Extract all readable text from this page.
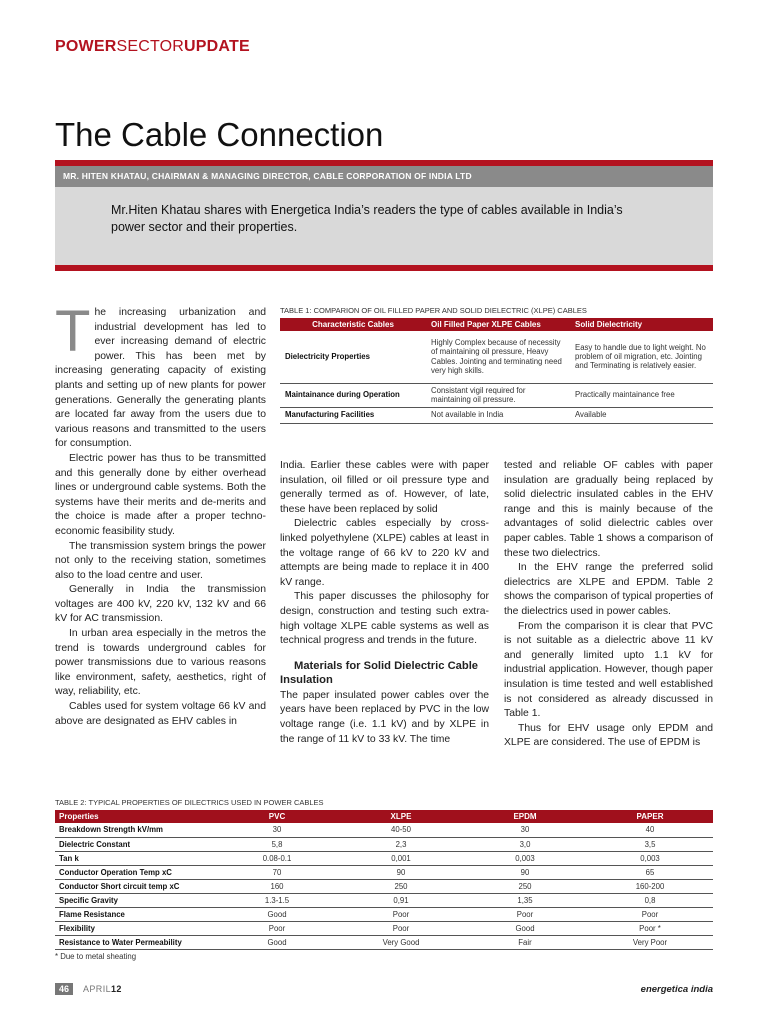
POWERSECTORUPDATE
The Cable Connection
MR. HITEN KHATAU, CHAIRMAN & MANAGING DIRECTOR, CABLE CORPORATION OF INDIA LTD
Mr.Hiten Khatau shares with Energetica India’s readers the type of cables available in India’s power sector and their properties.

The increasing urbanization and industrial development has led to ever increasing demand of electric power. This has been met by increasing generating capacity of existing plants and setting up of new plants for power generations. Generally the generating plants are located far away from the users due to various reasons and transmitted to the users for consumption.

Electric power has thus to be transmitted and this generally done by either overhead lines or underground cable systems. Both the systems have their merits and de-merits and the choice is made after a proper techno-economic feasibility study.

The transmission system brings the power not only to the receiving station, sometimes also to the load centre and user.

Generally in India the transmission voltages are 400 kV, 220 kV, 132 kV and 66 kV for AC transmission.

In urban area especially in the metros the trend is towards underground cables for power transmissions due to various reasons like environment, safety, aesthetics, right of way, reliability, etc.

Cables used for system voltage 66 kV and above are designated as EHV cables in

TABLE 1: COMPARION OF OIL FILLED PAPER AND SOLID DIELECTRIC (XLPE) CABLES
Characteristic Cables	Oil Filled Paper XLPE Cables	Solid Dielectricity
Dielectricity Properties	Highly Complex because of necessity of maintaining oil pressure, Heavy Cables. Jointing and terminating need very high skills.	Easy to handle due to light weight. No problem of oil migration, etc. Jointing and Terminating is relatively easier.
Maintainance during Operation	Consistant vigil required for maintaining oil pressure.	Practically maintainance free
Manufacturing Facilities	Not available in India	Available

India. Earlier these cables were with paper insulation, oil filled or oil pressure type and generally termed as of. However, of late, these have been replaced by solid

Dielectric cables especially by cross-linked polyethylene (XLPE) cables at least in the voltage range of 66 kV to 220 kV and attempts are being made to replace it in 400 kV range.

This paper discusses the philosophy for design, construction and testing such extra-high voltage XLPE cable systems as well as technical progress and trends in the future.

Materials for Solid Dielectric Cable Insulation

The paper insulated power cables over the years have been replaced by PVC in the low voltage range (i.e. 1.1 kV) and by XLPE in the range of 11 kV to 33 kV. The time

tested and reliable OF cables with paper insulation are gradually being replaced by solid dielectric insulated cables in the EHV range and this is mainly because of the advantages of solid dielectric cables over paper cables. Table 1 shows a comparison of these two dielectrics.

In the EHV range the preferred solid dielectrics are XLPE and EPDM. Table 2 shows the comparison of typical properties of the dielectrics used in power cables.

From the comparison it is clear that PVC is not suitable as a dielectric above 11 kV and generally limited upto 1.1 kV for industrial application. However, though paper insulation is time tested and well established is not considered as already discussed in Table 1.

Thus for EHV usage only EPDM and XLPE are considered. The use of EPDM is

TABLE 2: TYPICAL PROPERTIES OF DILECTRICS USED IN POWER CABLES
Properties	PVC	XLPE	EPDM	PAPER
Breakdown Strength kV/mm	30	40-50	30	40
Dielectric Constant	5,8	2,3	3,0	3,5
Tan k	0.08-0.1	0,001	0,003	0,003
Conductor Operation Temp xC	70	90	90	65
Conductor Short circuit temp xC	160	250	250	160-200
Specific Gravity	1.3-1.5	0,91	1,35	0,8
Flame Resistance	Good	Poor	Poor	Poor
Flexibility	Poor	Poor	Good	Poor *
Resistance to Water Permeability	Good	Very Good	Fair	Very Poor
* Due to metal sheating
46	APRIL12	energetica india
